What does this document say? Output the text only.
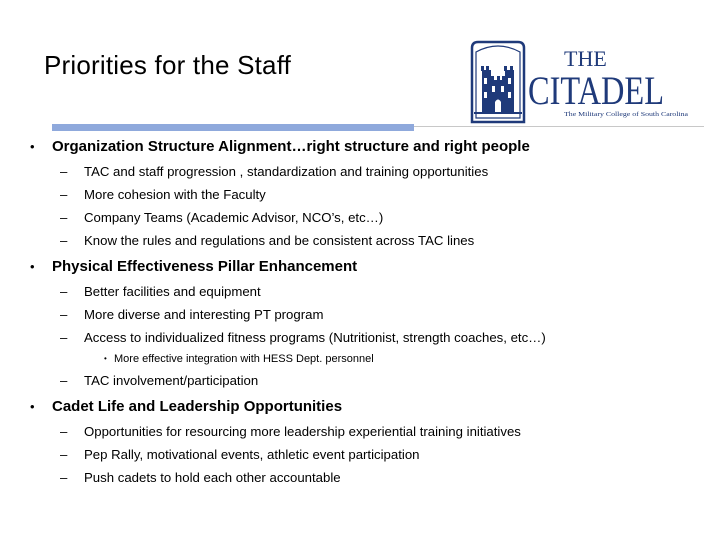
Priorities for the Staff	THE
CITADEL
The Military College of South Carolina
• Organization Structure Alignment…right structure and right people
– TAC and staff progression , standardization and training opportunities
– More cohesion with the Faculty
– Company Teams (Academic Advisor, NCO’s, etc…)
– Know the rules and regulations and be consistent across TAC lines
• Physical Effectiveness Pillar Enhancement
– Better facilities and equipment
– More diverse and interesting PT program
– Access to individualized fitness programs (Nutritionist, strength coaches, etc…)
• More effective integration with HESS Dept. personnel
– TAC involvement/participation
• Cadet Life and Leadership Opportunities
– Opportunities for resourcing more leadership experiential training initiatives
– Pep Rally, motivational events, athletic event participation
– Push cadets to hold each other accountable
